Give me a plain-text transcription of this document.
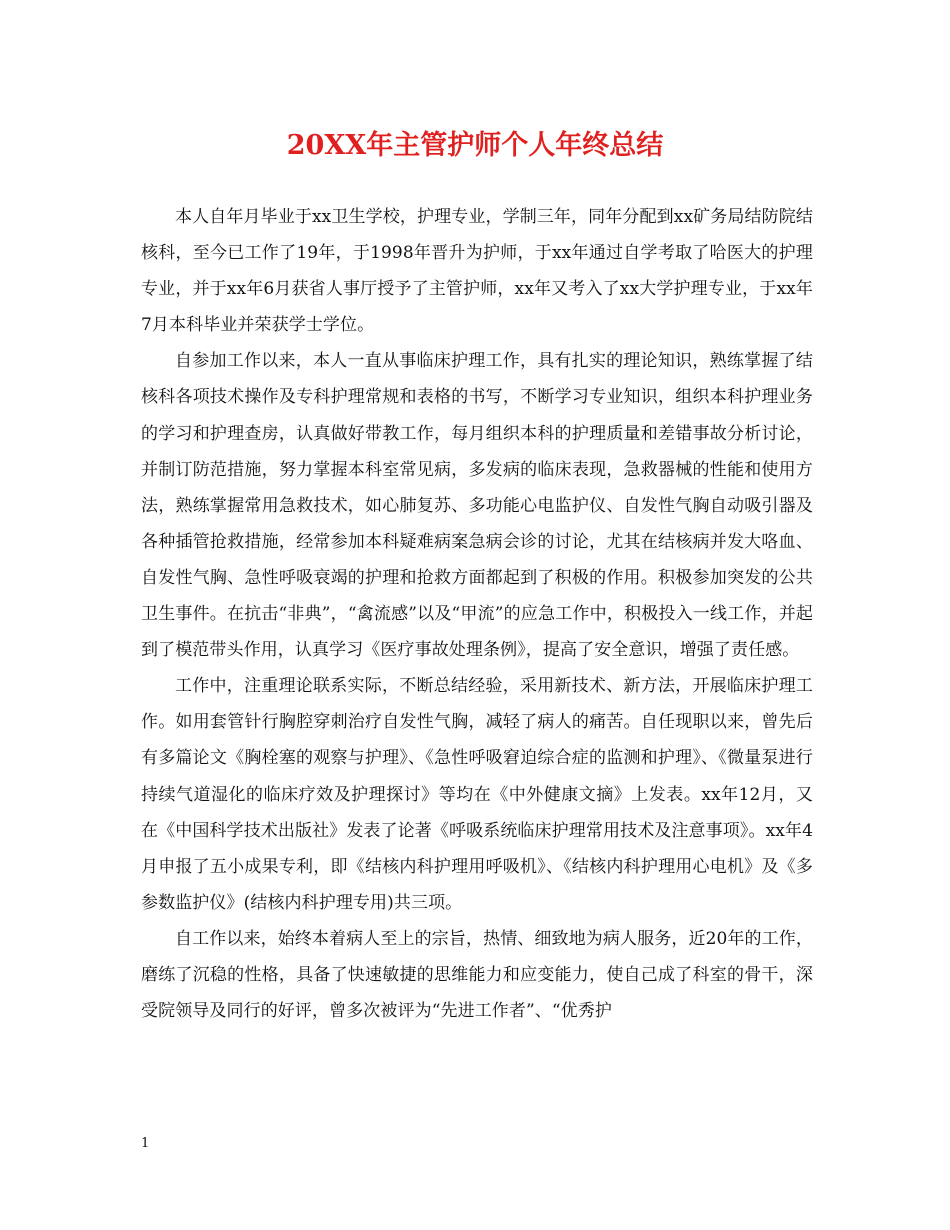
20XX年主管护师个人年终总结

本人自年月毕业于xx卫生学校，护理专业，学制三年，同年分配到xx矿务局结防院结核科，至今已工作了19年，于1998年晋升为护师，于xx年通过自学考取了哈医大的护理专业，并于xx年6月获省人事厅授予了主管护师，xx年又考入了xx大学护理专业，于xx年7月本科毕业并荣获学士学位。

自参加工作以来，本人一直从事临床护理工作，具有扎实的理论知识，熟练掌握了结核科各项技术操作及专科护理常规和表格的书写，不断学习专业知识，组织本科护理业务的学习和护理查房，认真做好带教工作，每月组织本科的护理质量和差错事故分析讨论，并制订防范措施，努力掌握本科室常见病，多发病的临床表现，急救器械的性能和使用方法，熟练掌握常用急救技术，如心肺复苏、多功能心电监护仪、自发性气胸自动吸引器及各种插管抢救措施，经常参加本科疑难病案急病会诊的讨论，尤其在结核病并发大咯血、自发性气胸、急性呼吸衰竭的护理和抢救方面都起到了积极的作用。积极参加突发的公共卫生事件。在抗击“非典”，“禽流感”以及“甲流”的应急工作中，积极投入一线工作，并起到了模范带头作用，认真学习《医疗事故处理条例》，提高了安全意识，增强了责任感。

工作中，注重理论联系实际，不断总结经验，采用新技术、新方法，开展临床护理工作。如用套管针行胸腔穿刺治疗自发性气胸，减轻了病人的痛苦。自任现职以来，曾先后有多篇论文《胸栓塞的观察与护理》、《急性呼吸窘迫综合症的监测和护理》、《微量泵进行持续气道湿化的临床疗效及护理探讨》等均在《中外健康文摘》上发表。xx年12月，又在《中国科学技术出版社》发表了论著《呼吸系统临床护理常用技术及注意事项》。xx年4月申报了五小成果专利，即《结核内科护理用呼吸机》、《结核内科护理用心电机》及《多参数监护仪》(结核内科护理专用)共三项。

自工作以来，始终本着病人至上的宗旨，热情、细致地为病人服务，近20年的工作，磨练了沉稳的性格，具备了快速敏捷的思维能力和应变能力，使自己成了科室的骨干，深受院领导及同行的好评，曾多次被评为“先进工作者”、“优秀护

1
